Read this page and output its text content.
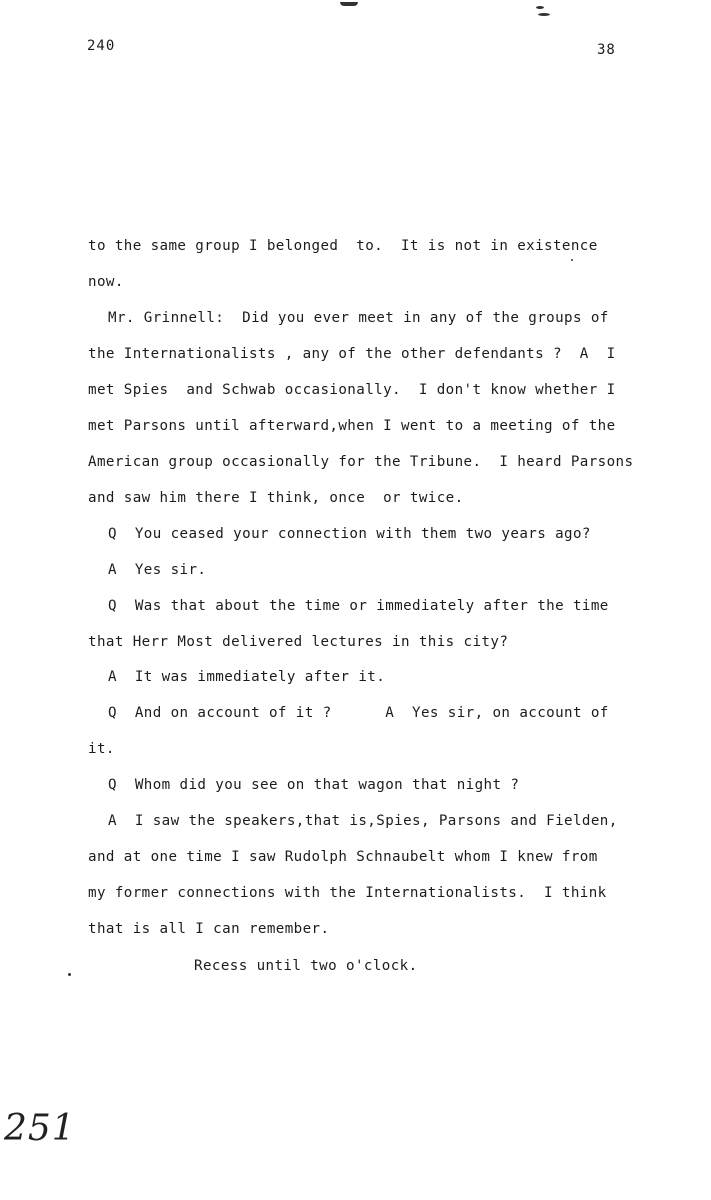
240	38
to the same group I belonged  to.  It is not in existence
now.
Mr. Grinnell:  Did you ever meet in any of the groups of
the Internationalists , any of the other defendants ?  A  I
met Spies  and Schwab occasionally.  I don't know whether I
met Parsons until afterward,when I went to a meeting of the
American group occasionally for the Tribune.  I heard Parsons
and saw him there I think, once  or twice.
Q  You ceased your connection with them two years ago?
A  Yes sir.
Q  Was that about the time or immediately after the time
that Herr Most delivered lectures in this city?
A  It was immediately after it.
Q  And on account of it ?      A  Yes sir, on account of
it.
Q  Whom did you see on that wagon that night ?
A  I saw the speakers,that is,Spies, Parsons and Fielden,
and at one time I saw Rudolph Schnaubelt whom I knew from
my former connections with the Internationalists.  I think
that is all I can remember.
Recess until two o'clock.
251
